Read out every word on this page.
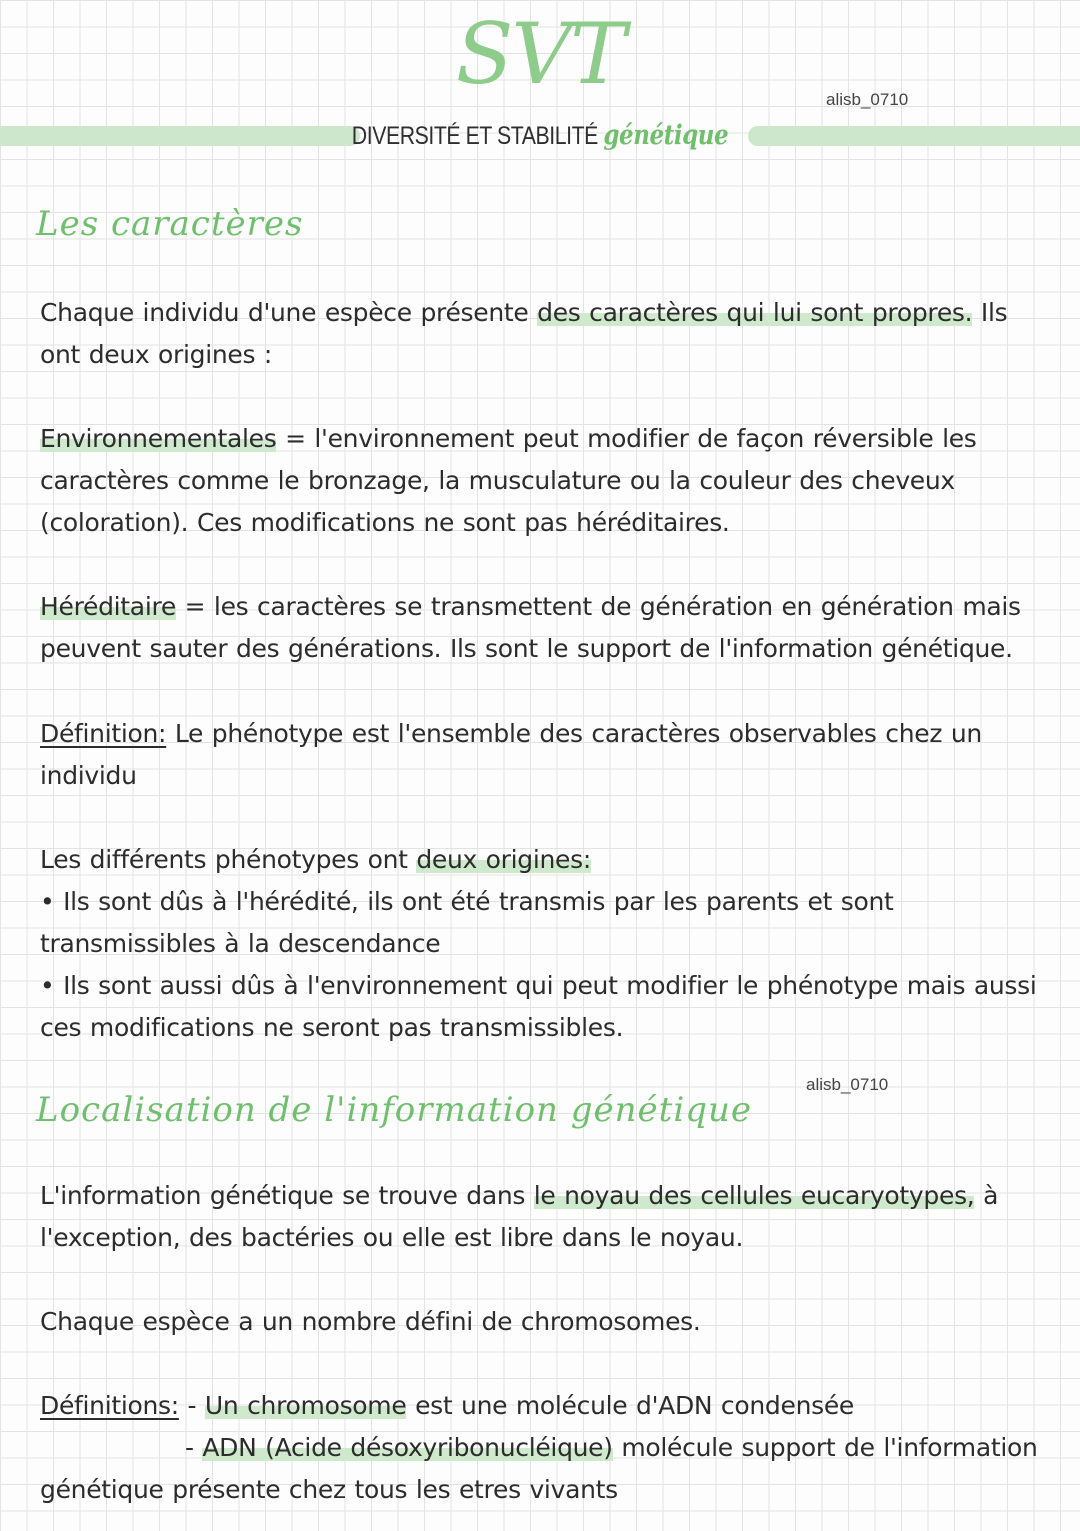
SVT
DIVERSITÉ ET STABILITÉ génétique
alisb_0710
Les caractères
Chaque individu d'une espèce présente des caractères qui lui sont propres. Ils ont deux origines :
Environnementales = l'environnement peut modifier de façon réversible les caractères comme le bronzage, la musculature ou la couleur des cheveux (coloration). Ces modifications ne sont pas héréditaires.
Héréditaire = les caractères se transmettent de génération en génération mais peuvent sauter des générations. Ils sont le support de l'information génétique.
Définition: Le phénotype est l'ensemble des caractères observables chez un individu
Les différents phénotypes ont deux origines:
• Ils sont dûs à l'hérédité, ils ont été transmis par les parents et sont transmissibles à la descendance
• Ils sont aussi dûs à l'environnement qui peut modifier le phénotype mais aussi ces modifications ne seront pas transmissibles.
alisb_0710
Localisation de l'information génétique
L'information génétique se trouve dans le noyau des cellules eucaryotypes, à l'exception, des bactéries ou elle est libre dans le noyau.
Chaque espèce a un nombre défini de chromosomes.
Définitions: - Un chromosome est une molécule d'ADN condensée
- ADN (Acide désoxyribonucléique) molécule support de l'information génétique présente chez tous les etres vivants
